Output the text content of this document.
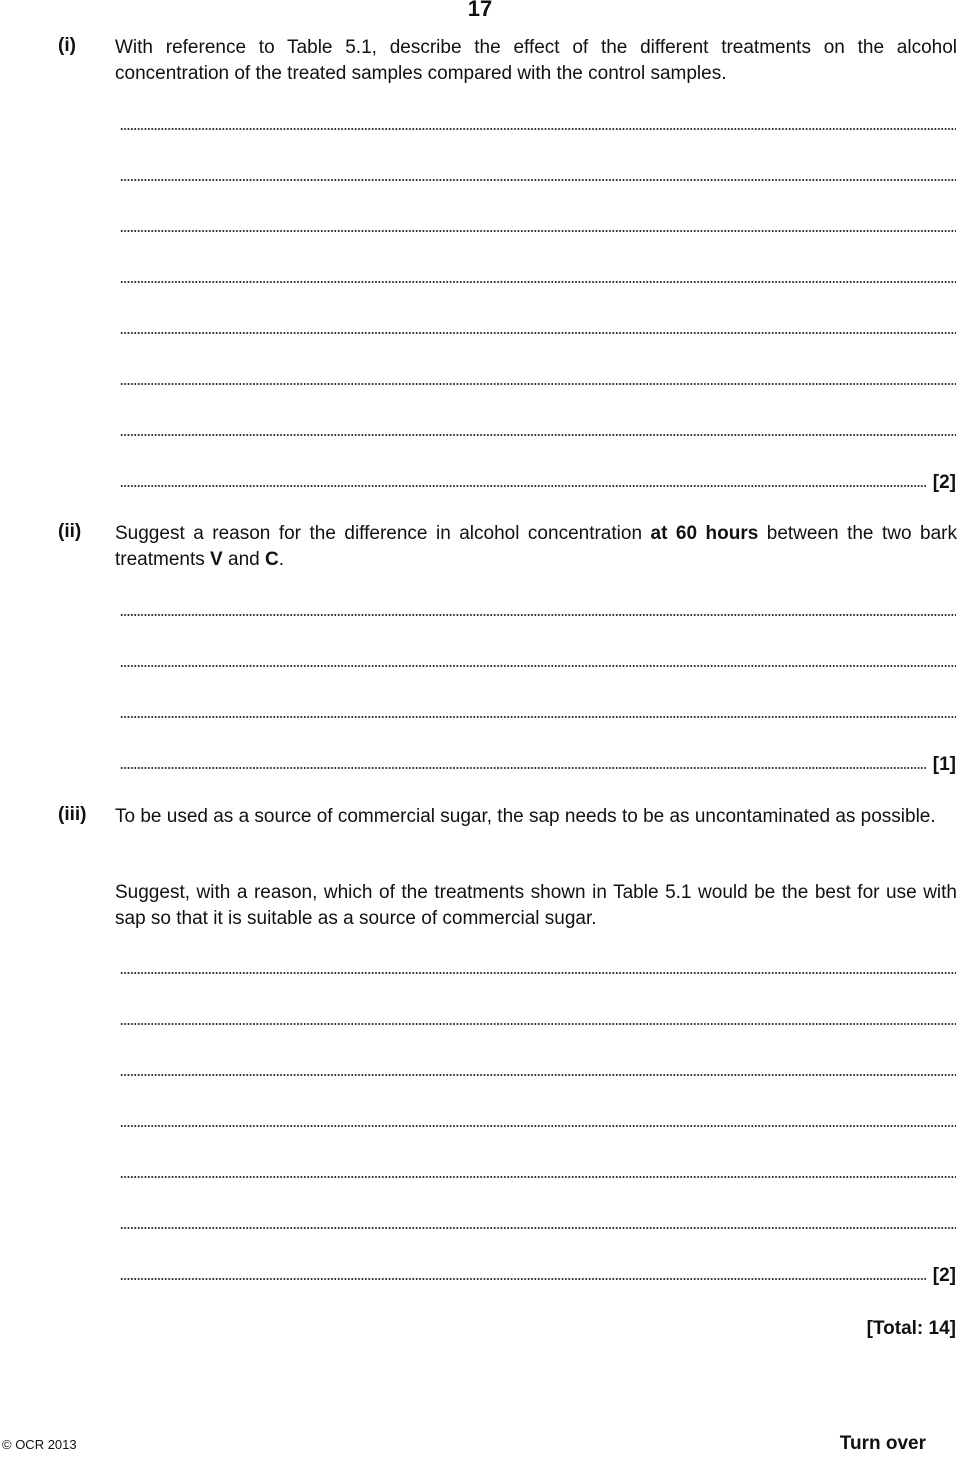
17
(i) With reference to Table 5.1, describe the effect of the different treatments on the alcohol concentration of the treated samples compared with the control samples.
[2]
(ii) Suggest a reason for the difference in alcohol concentration at 60 hours between the two bark treatments V and C.
[1]
(iii) To be used as a source of commercial sugar, the sap needs to be as uncontaminated as possible.
Suggest, with a reason, which of the treatments shown in Table 5.1 would be the best for use with sap so that it is suitable as a source of commercial sugar.
[2]
[Total: 14]
© OCR 2013	Turn over
